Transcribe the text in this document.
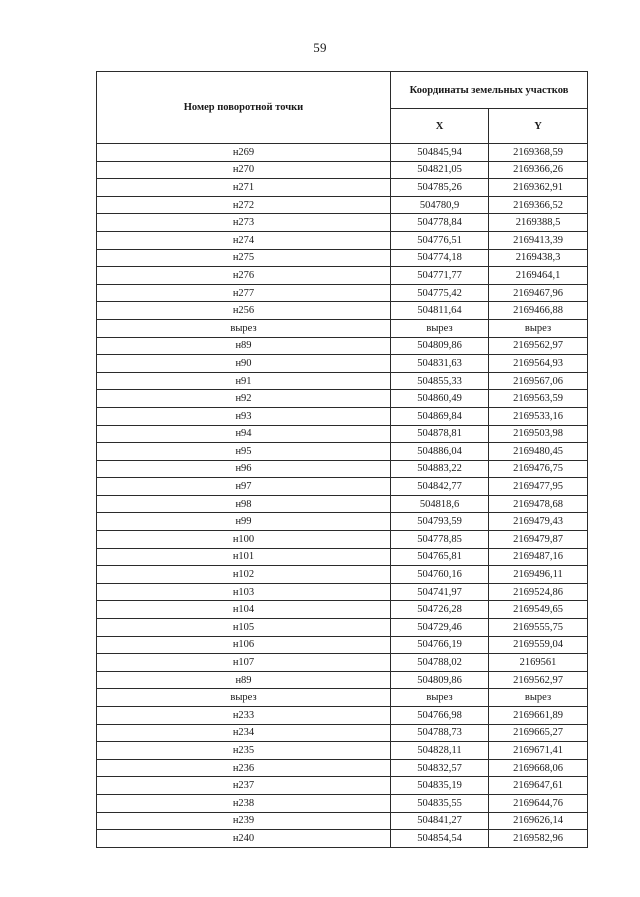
59
Номер поворотной точки	Координаты земельных участков	
	X	Y
н269	504845,94	2169368,59
н270	504821,05	2169366,26
н271	504785,26	2169362,91
н272	504780,9	2169366,52
н273	504778,84	2169388,5
н274	504776,51	2169413,39
н275	504774,18	2169438,3
н276	504771,77	2169464,1
н277	504775,42	2169467,96
н256	504811,64	2169466,88
вырез	вырез	вырез
н89	504809,86	2169562,97
н90	504831,63	2169564,93
н91	504855,33	2169567,06
н92	504860,49	2169563,59
н93	504869,84	2169533,16
н94	504878,81	2169503,98
н95	504886,04	2169480,45
н96	504883,22	2169476,75
н97	504842,77	2169477,95
н98	504818,6	2169478,68
н99	504793,59	2169479,43
н100	504778,85	2169479,87
н101	504765,81	2169487,16
н102	504760,16	2169496,11
н103	504741,97	2169524,86
н104	504726,28	2169549,65
н105	504729,46	2169555,75
н106	504766,19	2169559,04
н107	504788,02	2169561
н89	504809,86	2169562,97
вырез	вырез	вырез
н233	504766,98	2169661,89
н234	504788,73	2169665,27
н235	504828,11	2169671,41
н236	504832,57	2169668,06
н237	504835,19	2169647,61
н238	504835,55	2169644,76
н239	504841,27	2169626,14
н240	504854,54	2169582,96
